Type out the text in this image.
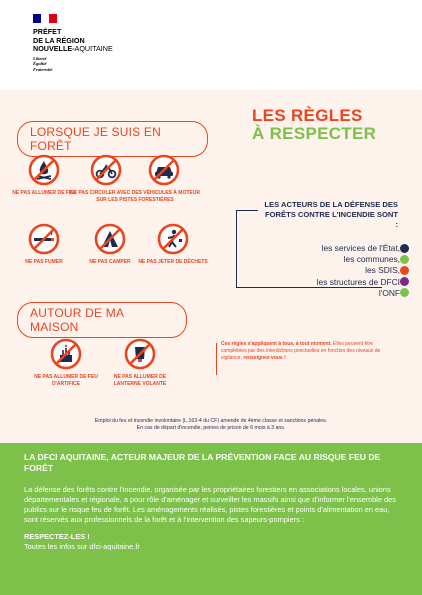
PRÉFET
DE LA RÉGION
NOUVELLE-AQUITAINE
Liberté
Égalité
Fraternité
LES RÈGLES
À RESPECTER
LORSQUE JE SUIS EN FORÊT
AUTOUR DE MA MAISON
NE PAS ALLUMER DE FEU
NE PAS CIRCULER AVEC DES VÉHICULES À MOTEUR SUR LES PISTES FORESTIÈRES
NE PAS FUMER	NE PAS CAMPER	NE PAS JETER DE DÉCHETS
NE PAS ALLUMER DE FEU D'ARTIFICE
NE PAS ALLUMER DE LANTERNE VOLANTE
LES ACTEURS DE LA DÉFENSE DES FORÊTS CONTRE L'INCENDIE SONT :
les services de l'État,
les communes,
les SDIS,
les structures de DFCI
l'ONF
Ces règles s'appliquent à tous, à tout moment. Elles peuvent être complétées par des interdictions ponctuelles en fonction des niveaux de vigilance, renseignez-vous !
Emploi du feu et incendie involontaire (L.163-4 du CF) amende de 4ème classe et sanctions pénales.
En cas de départ d'incendie, peines de prison de 6 mois à 3 ans.
LA DFCI AQUITAINE, ACTEUR MAJEUR DE LA PRÉVENTION FACE AU RISQUE FEU DE FORÊT
La défense des forêts contre l'incendie, organisée par les propriétaires forestiers en associations locales, unions départementales et régionale, a pour rôle d'aménager et surveiller les massifs ainsi que d'informer l'ensemble des publics sur le risque feu de forêt. Les aménagements réalisés, pistes forestières et points d'alimentation en eau, sont réservés aux professionnels de la forêt et à l'intervention des sapeurs-pompiers :
RESPECTEZ-LES !
Toutes les infos sur dfci-aquitaine.fr
